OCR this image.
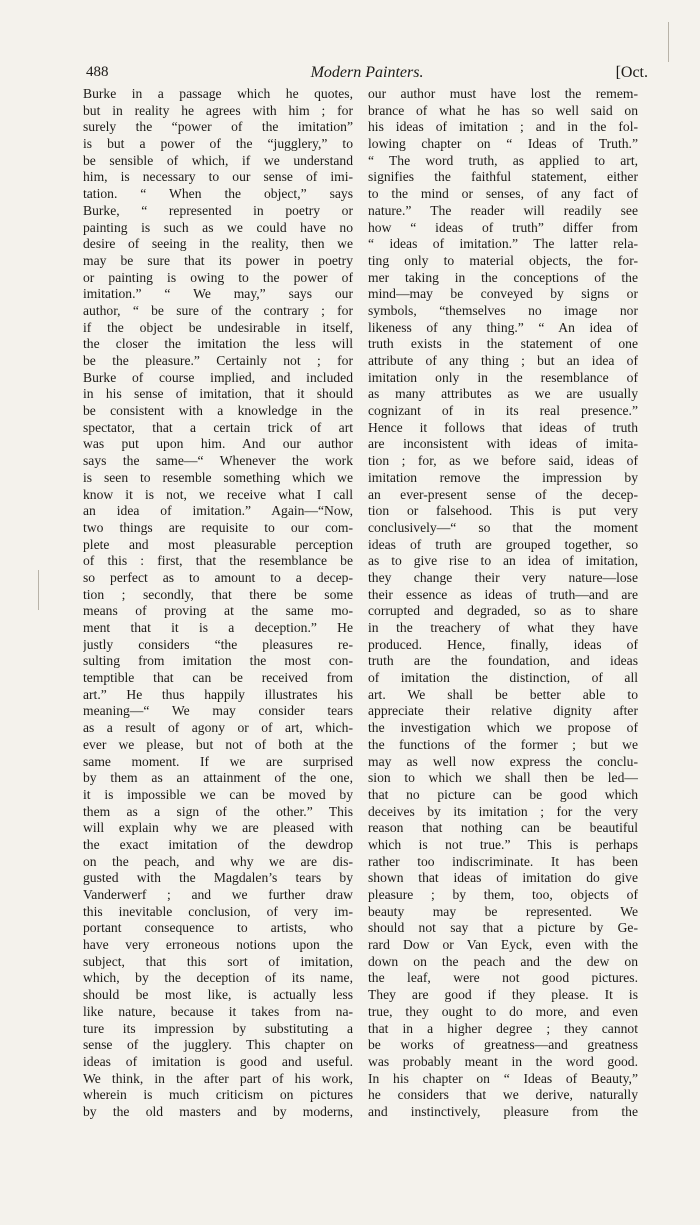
488	Modern Painters.	[Oct.
Burke in a passage which he quotes,
but in reality he agrees with him ; for
surely the “power of the imitation”
is but a power of the “jugglery,” to
be sensible of which, if we understand
him, is necessary to our sense of imi-
tation. “ When the object,” says
Burke, “ represented in poetry or
painting is such as we could have no
desire of seeing in the reality, then we
may be sure that its power in poetry
or painting is owing to the power of
imitation.” “ We may,” says our
author, “ be sure of the contrary ; for
if the object be undesirable in itself,
the closer the imitation the less will
be the pleasure.” Certainly not ; for
Burke of course implied, and included
in his sense of imitation, that it should
be consistent with a knowledge in the
spectator, that a certain trick of art
was put upon him. And our author
says the same—“ Whenever the work
is seen to resemble something which we
know it is not, we receive what I call
an idea of imitation.” Again—“Now,
two things are requisite to our com-
plete and most pleasurable perception
of this : first, that the resemblance be
so perfect as to amount to a decep-
tion ; secondly, that there be some
means of proving at the same mo-
ment that it is a deception.” He
justly considers “the pleasures re-
sulting from imitation the most con-
temptible that can be received from
art.” He thus happily illustrates his
meaning—“ We may consider tears
as a result of agony or of art, which-
ever we please, but not of both at the
same moment. If we are surprised
by them as an attainment of the one,
it is impossible we can be moved by
them as a sign of the other.” This
will explain why we are pleased with
the exact imitation of the dewdrop
on the peach, and why we are dis-
gusted with the Magdalen’s tears by
Vanderwerf ; and we further draw
this inevitable conclusion, of very im-
portant consequence to artists, who
have very erroneous notions upon the
subject, that this sort of imitation,
which, by the deception of its name,
should be most like, is actually less
like nature, because it takes from na-
ture its impression by substituting a
sense of the jugglery. This chapter on
ideas of imitation is good and useful.
We think, in the after part of his work,
wherein is much criticism on pictures
by the old masters and by moderns,
our author must have lost the remem-
brance of what he has so well said on
his ideas of imitation ; and in the fol-
lowing chapter on “ Ideas of Truth.”
“ The word truth, as applied to art,
signifies the faithful statement, either
to the mind or senses, of any fact of
nature.” The reader will readily see
how “ ideas of truth” differ from
“ ideas of imitation.” The latter rela-
ting only to material objects, the for-
mer taking in the conceptions of the
mind—may be conveyed by signs or
symbols, “themselves no image nor
likeness of any thing.” “ An idea of
truth exists in the statement of one
attribute of any thing ; but an idea of
imitation only in the resemblance of
as many attributes as we are usually
cognizant of in its real presence.”
Hence it follows that ideas of truth
are inconsistent with ideas of imita-
tion ; for, as we before said, ideas of
imitation remove the impression by
an ever-present sense of the decep-
tion or falsehood. This is put very
conclusively—“ so that the moment
ideas of truth are grouped together, so
as to give rise to an idea of imitation,
they change their very nature—lose
their essence as ideas of truth—and are
corrupted and degraded, so as to share
in the treachery of what they have
produced. Hence, finally, ideas of
truth are the foundation, and ideas
of imitation the distinction, of all
art. We shall be better able to
appreciate their relative dignity after
the investigation which we propose of
the functions of the former ; but we
may as well now express the conclu-
sion to which we shall then be led—
that no picture can be good which
deceives by its imitation ; for the very
reason that nothing can be beautiful
which is not true.” This is perhaps
rather too indiscriminate. It has been
shown that ideas of imitation do give
pleasure ; by them, too, objects of
beauty may be represented. We
should not say that a picture by Ge-
rard Dow or Van Eyck, even with the
down on the peach and the dew on
the leaf, were not good pictures.
They are good if they please. It is
true, they ought to do more, and even
that in a higher degree ; they cannot
be works of greatness—and greatness
was probably meant in the word good.
In his chapter on “ Ideas of Beauty,”
he considers that we derive, naturally
and instinctively, pleasure from the
